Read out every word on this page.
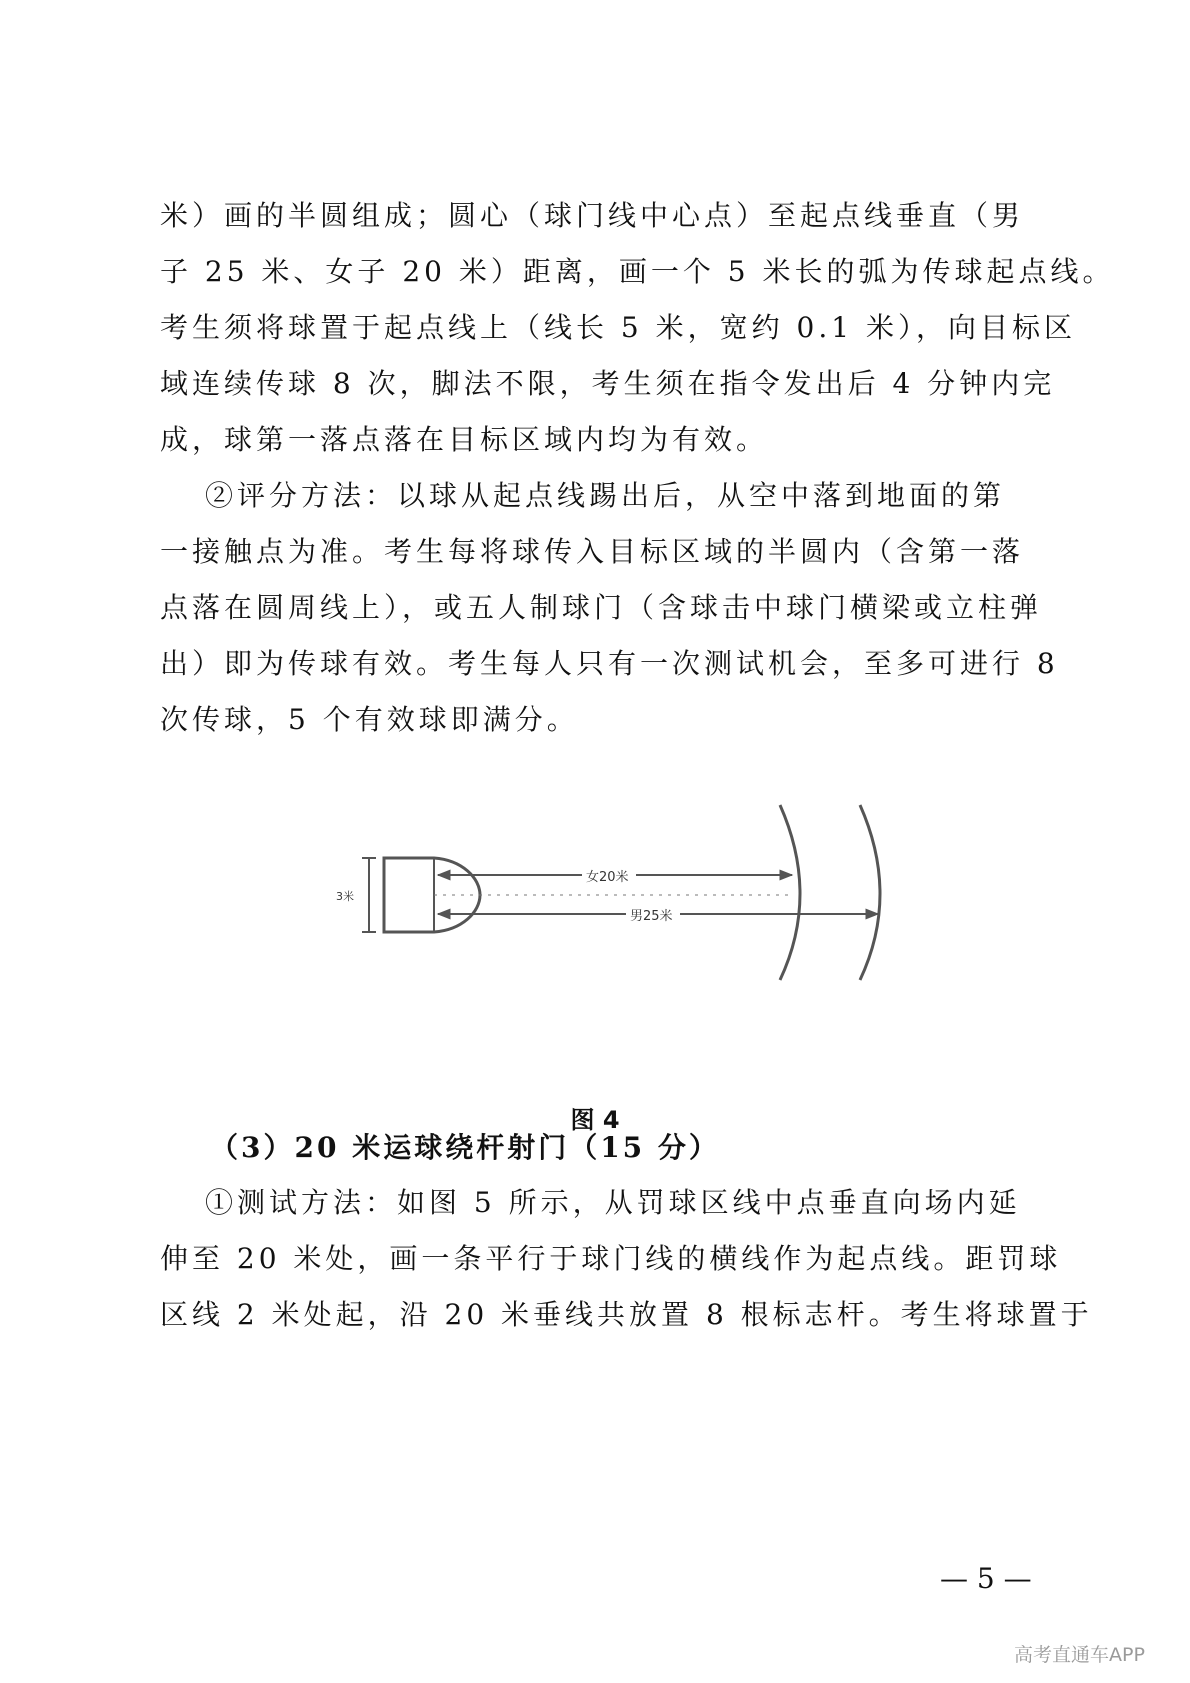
米）画的半圆组成；圆心（球门线中心点）至起点线垂直（男
子 25 米、女子 20 米）距离，画一个 5 米长的弧为传球起点线。
考生须将球置于起点线上（线长 5 米，宽约 0.1 米），向目标区
域连续传球 8 次，脚法不限，考生须在指令发出后 4 分钟内完
成，球第一落点落在目标区域内均为有效。
②评分方法：以球从起点线踢出后，从空中落到地面的第
一接触点为准。考生每将球传入目标区域的半圆内（含第一落
点落在圆周线上），或五人制球门（含球击中球门横梁或立柱弹
出）即为传球有效。考生每人只有一次测试机会，至多可进行 8
次传球，5 个有效球即满分。
3米
女20米
男25米
图 4
（3）20 米运球绕杆射门（15 分）
①测试方法：如图 5 所示，从罚球区线中点垂直向场内延
伸至 20 米处，画一条平行于球门线的横线作为起点线。距罚球
区线 2 米处起，沿 20 米垂线共放置 8 根标志杆。考生将球置于
— 5 —
高考直通车APP
